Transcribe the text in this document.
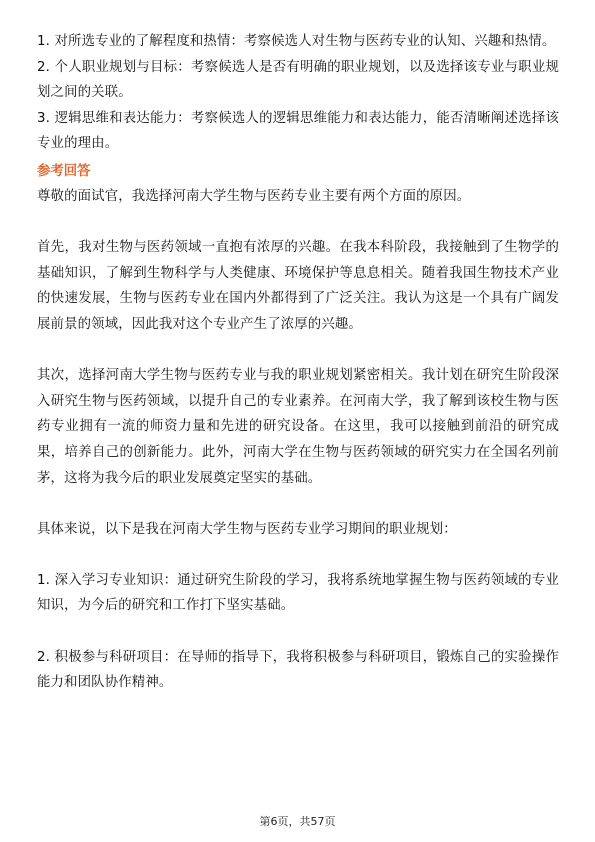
1. 对所选专业的了解程度和热情：考察候选人对生物与医药专业的认知、兴趣和热情。

2. 个人职业规划与目标：考察候选人是否有明确的职业规划，以及选择该专业与职业规划之间的关联。

3. 逻辑思维和表达能力：考察候选人的逻辑思维能力和表达能力，能否清晰阐述选择该专业的理由。

参考回答

尊敬的面试官，我选择河南大学生物与医药专业主要有两个方面的原因。

首先，我对生物与医药领域一直抱有浓厚的兴趣。在我本科阶段，我接触到了生物学的基础知识，了解到生物科学与人类健康、环境保护等息息相关。随着我国生物技术产业的快速发展，生物与医药专业在国内外都得到了广泛关注。我认为这是一个具有广阔发展前景的领域，因此我对这个专业产生了浓厚的兴趣。

其次，选择河南大学生物与医药专业与我的职业规划紧密相关。我计划在研究生阶段深入研究生物与医药领域，以提升自己的专业素养。在河南大学，我了解到该校生物与医药专业拥有一流的师资力量和先进的研究设备。在这里，我可以接触到前沿的研究成果，培养自己的创新能力。此外，河南大学在生物与医药领域的研究实力在全国名列前茅，这将为我今后的职业发展奠定坚实的基础。

具体来说，以下是我在河南大学生物与医药专业学习期间的职业规划：

1. 深入学习专业知识：通过研究生阶段的学习，我将系统地掌握生物与医药领域的专业知识，为今后的研究和工作打下坚实基础。

2. 积极参与科研项目：在导师的指导下，我将积极参与科研项目，锻炼自己的实验操作能力和团队协作精神。

第6页，共57页
